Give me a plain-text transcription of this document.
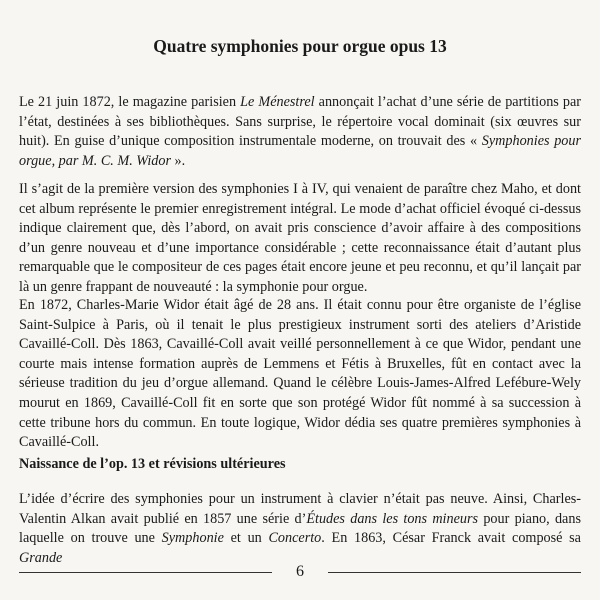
Quatre symphonies pour orgue opus 13

Le 21 juin 1872, le magazine parisien Le Ménestrel annonçait l’achat d’une série de partitions par l’état, destinées à ses bibliothèques. Sans surprise, le répertoire vocal dominait (six œuvres sur huit). En guise d’unique composition instrumentale moderne, on trouvait des « Symphonies pour orgue, par M. C. M. Widor ».

Il s’agit de la première version des symphonies I à IV, qui venaient de paraître chez Maho, et dont cet album représente le premier enregistrement intégral. Le mode d’achat officiel évoqué ci-dessus indique clairement que, dès l’abord, on avait pris conscience d’avoir affaire à des compositions d’un genre nouveau et d’une importance considérable ; cette reconnaissance était d’autant plus remarquable que le compositeur de ces pages était encore jeune et peu reconnu, et qu’il lançait par là un genre frappant de nouveauté : la symphonie pour orgue.

En 1872, Charles-Marie Widor était âgé de 28 ans. Il était connu pour être organiste de l’église Saint-Sulpice à Paris, où il tenait le plus prestigieux instrument sorti des ateliers d’Aristide Cavaillé-Coll. Dès 1863, Cavaillé-Coll avait veillé personnellement à ce que Widor, pendant une courte mais intense formation auprès de Lemmens et Fétis à Bruxelles, fût en contact avec la sérieuse tradition du jeu d’orgue allemand. Quand le célèbre Louis-James-Alfred Lefébure-Wely mourut en 1869, Cavaillé-Coll fit en sorte que son protégé Widor fût nommé à sa succession à cette tribune hors du commun. En toute logique, Widor dédia ses quatre premières symphonies à Cavaillé-Coll.

Naissance de l’op. 13 et révisions ultérieures

L’idée d’écrire des symphonies pour un instrument à clavier n’était pas neuve. Ainsi, Charles-Valentin Alkan avait publié en 1857 une série d’Études dans les tons mineurs pour piano, dans laquelle on trouve une Symphonie et un Concerto. En 1863, César Franck avait composé sa Grande

6
